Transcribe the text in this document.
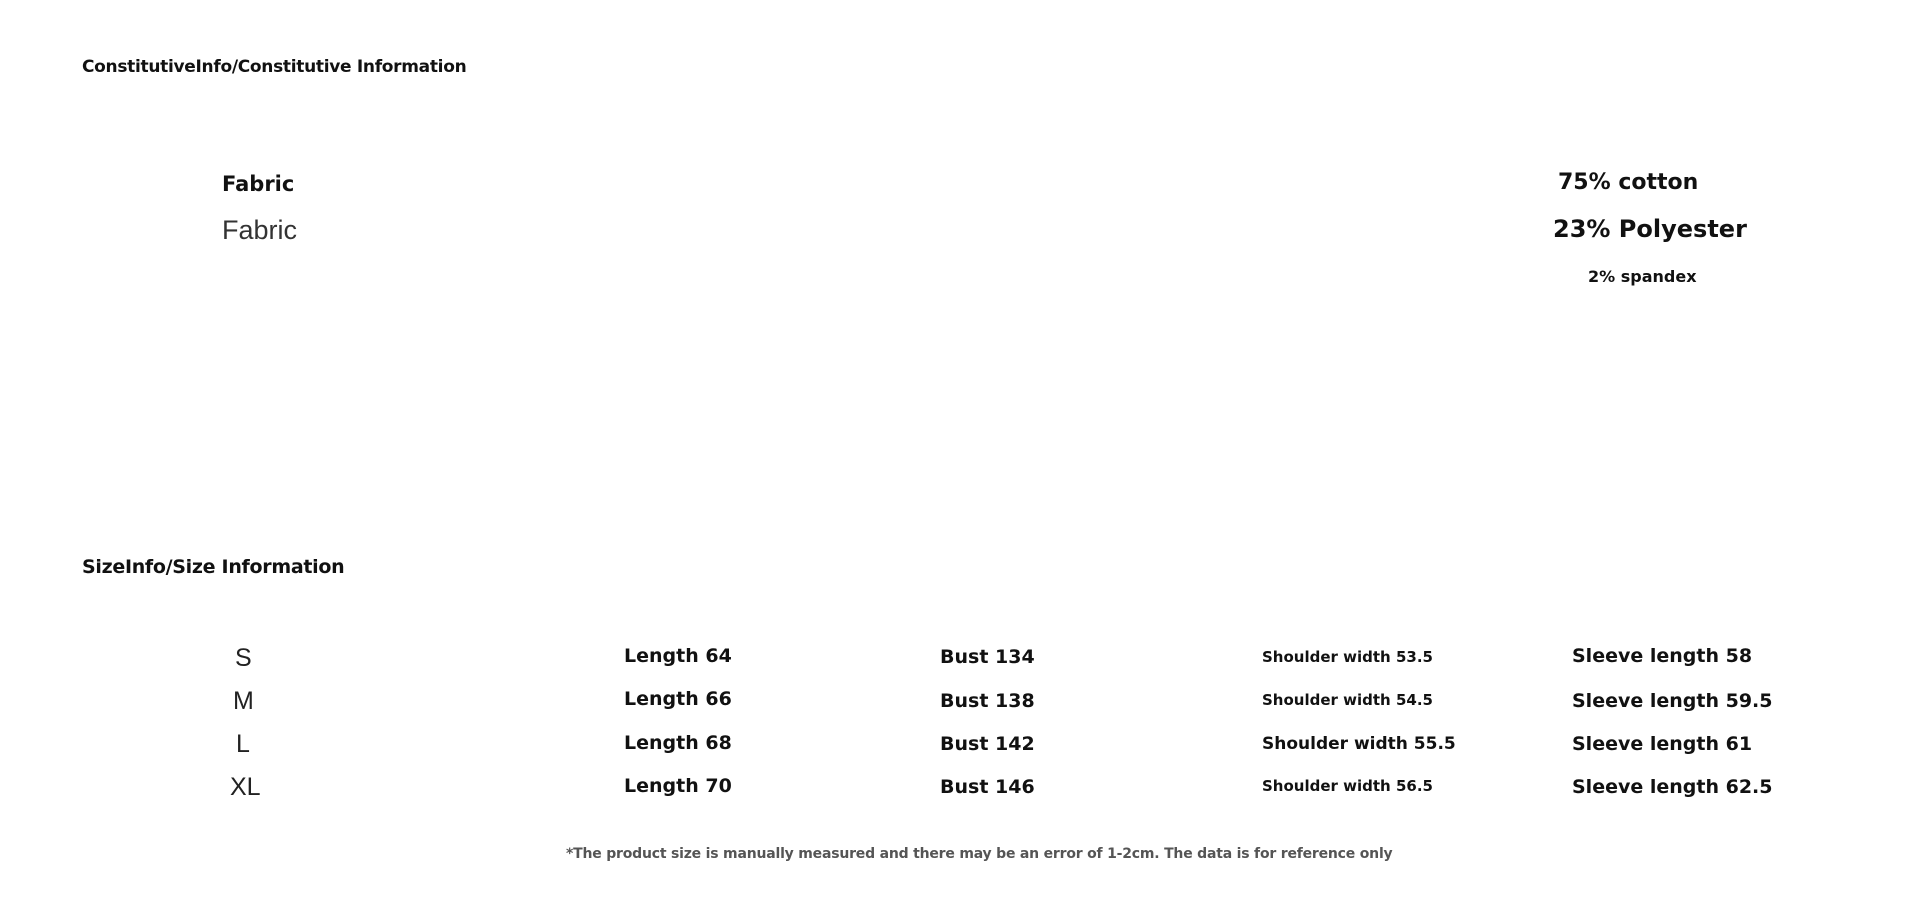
ConstitutiveInfo/Constitutive Information
Fabric
Fabric
75% cotton
23% Polyester
2% spandex
SizeInfo/Size Information
S	Length 64	Bust 134	Shoulder width 53.5	Sleeve length 58
M	Length 66	Bust 138	Shoulder width 54.5	Sleeve length 59.5
L	Length 68	Bust 142	Shoulder width 55.5	Sleeve length 61
XL	Length 70	Bust 146	Shoulder width 56.5	Sleeve length 62.5
*The product size is manually measured and there may be an error of 1-2cm. The data is for reference only
